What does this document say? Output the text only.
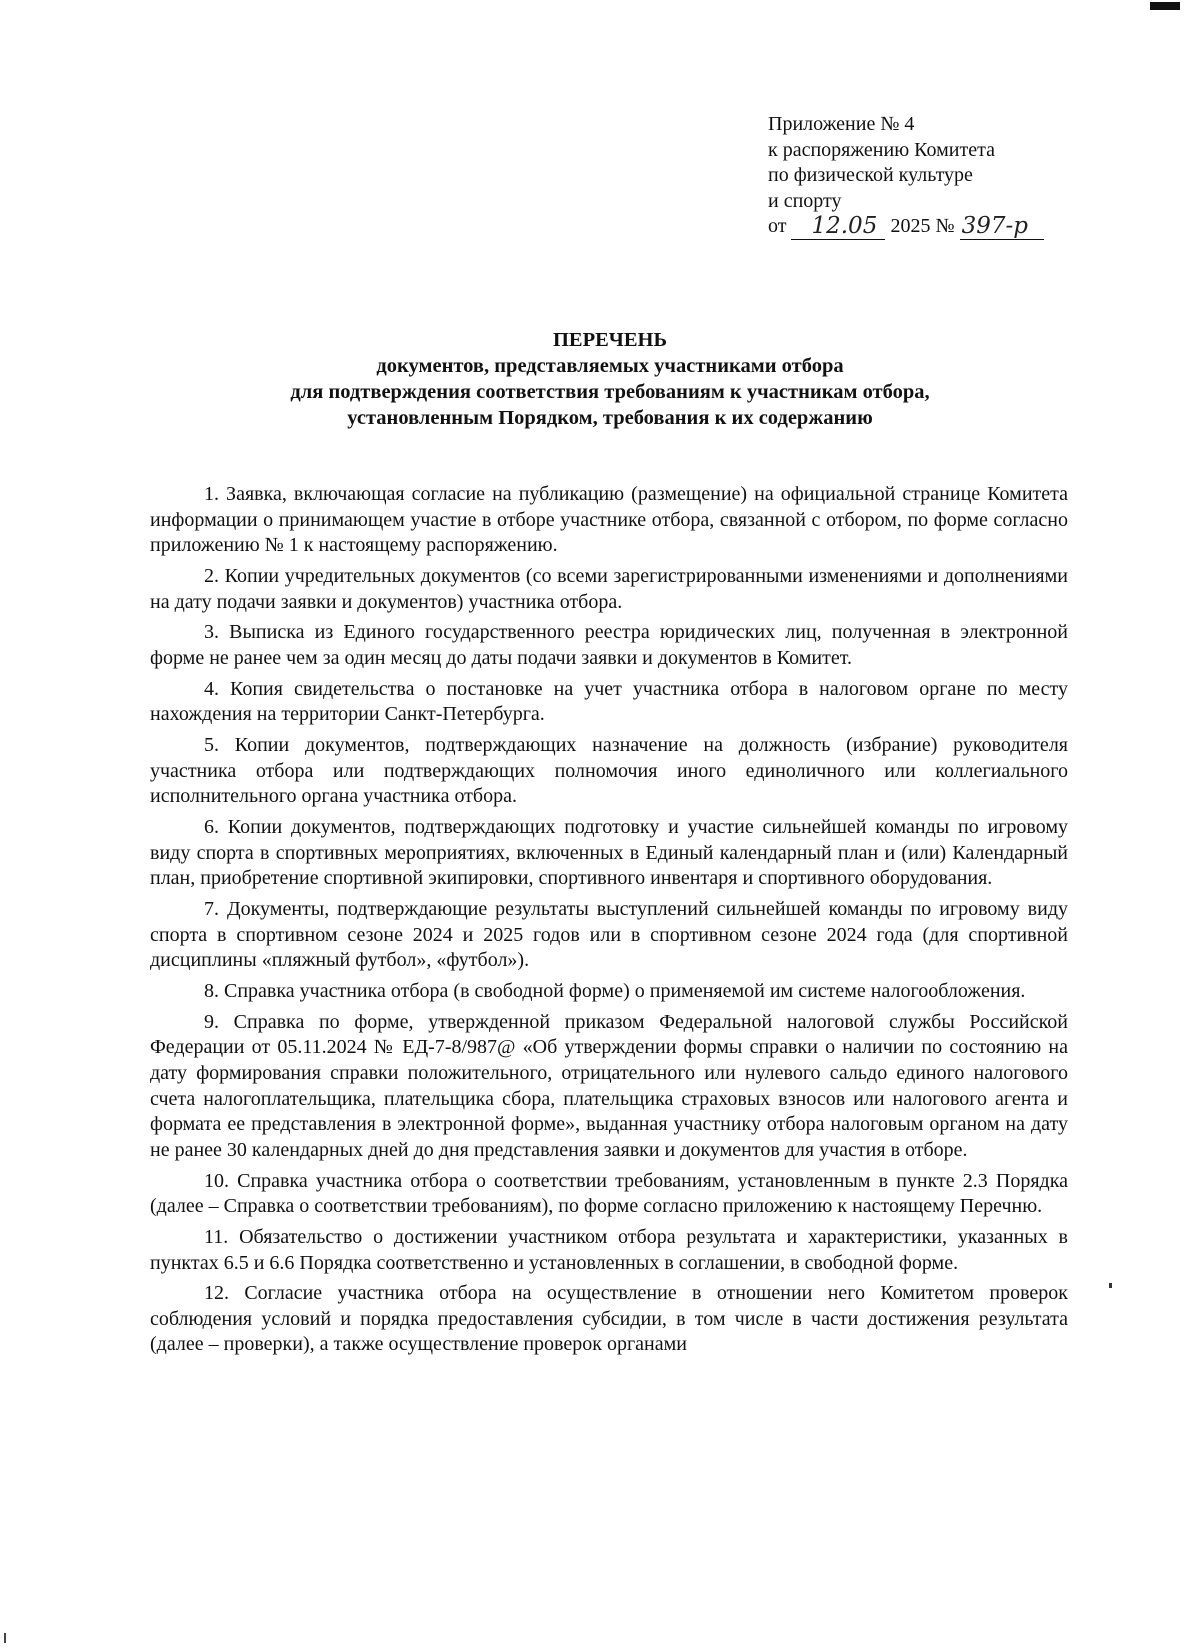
Приложение № 4
к распоряжению Комитета
по физической культуре
и спорту
от 12.05 2025 № 397-р
ПЕРЕЧЕНЬ
документов, представляемых участниками отбора
для подтверждения соответствия требованиям к участникам отбора,
установленным Порядком, требования к их содержанию

1. Заявка, включающая согласие на публикацию (размещение) на официальной странице Комитета информации о принимающем участие в отборе участнике отбора, связанной с отбором, по форме согласно приложению № 1 к настоящему распоряжению.

2. Копии учредительных документов (со всеми зарегистрированными изменениями и дополнениями на дату подачи заявки и документов) участника отбора.

3. Выписка из Единого государственного реестра юридических лиц, полученная в электронной форме не ранее чем за один месяц до даты подачи заявки и документов в Комитет.

4. Копия свидетельства о постановке на учет участника отбора в налоговом органе по месту нахождения на территории Санкт-Петербурга.

5. Копии документов, подтверждающих назначение на должность (избрание) руководителя участника отбора или подтверждающих полномочия иного единоличного или коллегиального исполнительного органа участника отбора.

6. Копии документов, подтверждающих подготовку и участие сильнейшей команды по игровому виду спорта в спортивных мероприятиях, включенных в Единый календарный план и (или) Календарный план, приобретение спортивной экипировки, спортивного инвентаря и спортивного оборудования.

7. Документы, подтверждающие результаты выступлений сильнейшей команды по игровому виду спорта в спортивном сезоне 2024 и 2025 годов или в спортивном сезоне 2024 года (для спортивной дисциплины «пляжный футбол», «футбол»).

8. Справка участника отбора (в свободной форме) о применяемой им системе налогообложения.

9. Справка по форме, утвержденной приказом Федеральной налоговой службы Российской Федерации от 05.11.2024 № ЕД-7-8/987@ «Об утверждении формы справки о наличии по состоянию на дату формирования справки положительного, отрицательного или нулевого сальдо единого налогового счета налогоплательщика, плательщика сбора, плательщика страховых взносов или налогового агента и формата ее представления в электронной форме», выданная участнику отбора налоговым органом на дату не ранее 30 календарных дней до дня представления заявки и документов для участия в отборе.

10. Справка участника отбора о соответствии требованиям, установленным в пункте 2.3 Порядка (далее – Справка о соответствии требованиям), по форме согласно приложению к настоящему Перечню.

11. Обязательство о достижении участником отбора результата и характеристики, указанных в пунктах 6.5 и 6.6 Порядка соответственно и установленных в соглашении, в свободной форме.

12. Согласие участника отбора на осуществление в отношении него Комитетом проверок соблюдения условий и порядка предоставления субсидии, в том числе в части достижения результата (далее – проверки), а также осуществление проверок органами
